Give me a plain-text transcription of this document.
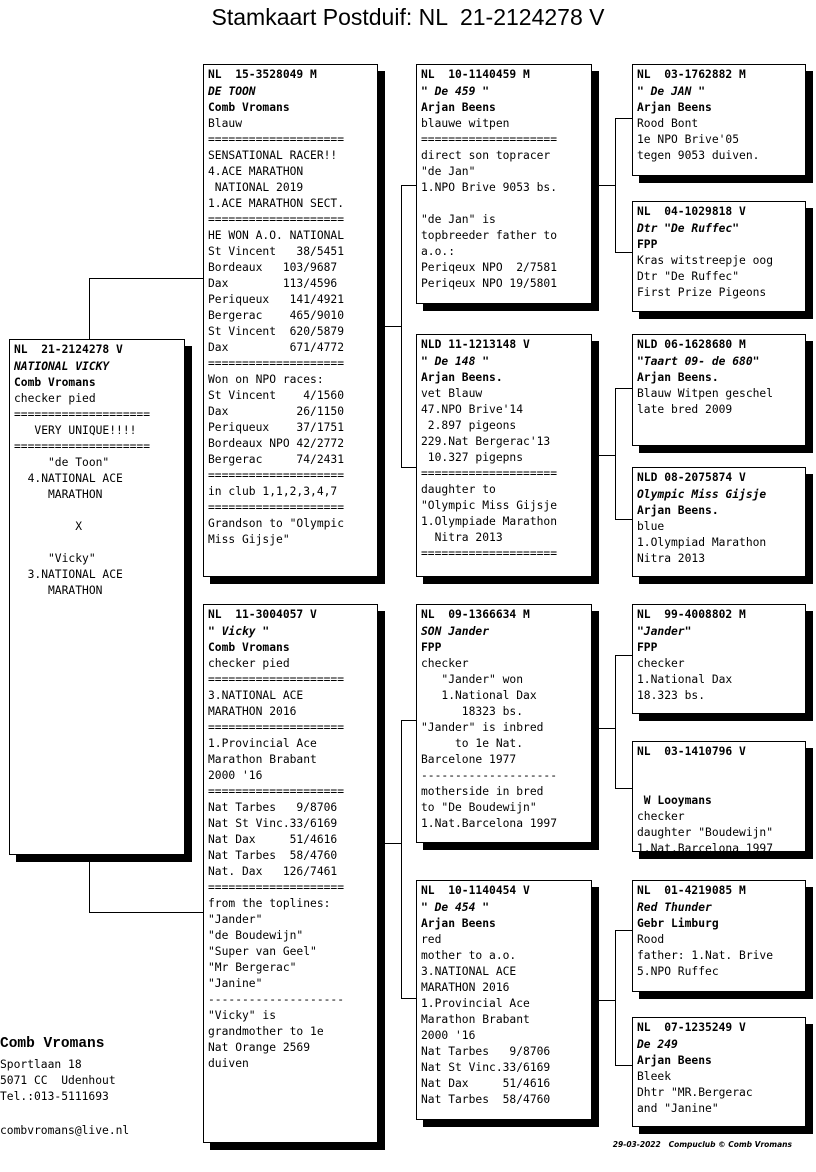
Stamkaart Postduif: NL  21-2124278 V
NL  21-2124278 V
NATIONAL VICKY
Comb Vromans
checker pied
====================
VERY UNIQUE!!!!
====================
"de Toon"
4.NATIONAL ACE
MARATHON
X
"Vicky"
3.NATIONAL ACE
MARATHON
NL  15-3528049 M
DE TOON
Comb Vromans
Blauw
====================
SENSATIONAL RACER!!
4.ACE MARATHON
NATIONAL 2019
1.ACE MARATHON SECT.
====================
HE WON A.O. NATIONAL
St Vincent   38/5451
Bordeaux   103/9687
Dax        113/4596
Periqueux   141/4921
Bergerac    465/9010
St Vincent  620/5879
Dax         671/4772
====================
Won on NPO races:
St Vincent    4/1560
Dax          26/1150
Periqueux    37/1751
Bordeaux NPO 42/2772
Bergerac     74/2431
====================
in club 1,1,2,3,4,7
====================
Grandson to "Olympic
Miss Gijsje"
NL  11-3004057 V
" Vicky "
Comb Vromans
checker pied
====================
3.NATIONAL ACE
MARATHON 2016
====================
1.Provincial Ace
Marathon Brabant
2000 '16
====================
Nat Tarbes   9/8706
Nat St Vinc.33/6169
Nat Dax     51/4616
Nat Tarbes  58/4760
Nat. Dax   126/7461
====================
from the toplines:
"Jander"
"de Boudewijn"
"Super van Geel"
"Mr Bergerac"
"Janine"
--------------------
"Vicky" is
grandmother to 1e
Nat Orange 2569
duiven
NL  10-1140459 M
" De 459 "
Arjan Beens
blauwe witpen
====================
direct son topracer
"de Jan"
1.NPO Brive 9053 bs.
"de Jan" is
topbreeder father to
a.o.:
Periqeux NPO  2/7581
Periqeux NPO 19/5801
NLD 11-1213148 V
" De 148 "
Arjan Beens.
vet Blauw
47.NPO Brive'14
2.897 pigeons
229.Nat Bergerac'13
10.327 pigepns
====================
daughter to
"Olympic Miss Gijsje
1.Olympiade Marathon
Nitra 2013
====================
NL  09-1366634 M
SON Jander
FPP
checker
"Jander" won
1.National Dax
18323 bs.
"Jander" is inbred
to 1e Nat.
Barcelone 1977
--------------------
motherside in bred
to "De Boudewijn"
1.Nat.Barcelona 1997
NL  10-1140454 V
" De 454 "
Arjan Beens
red
mother to a.o.
3.NATIONAL ACE
MARATHON 2016
1.Provincial Ace
Marathon Brabant
2000 '16
Nat Tarbes   9/8706
Nat St Vinc.33/6169
Nat Dax     51/4616
Nat Tarbes  58/4760
NL  03-1762882 M
" De JAN "
Arjan Beens
Rood Bont
1e NPO Brive'05
tegen 9053 duiven.
NL  04-1029818 V
Dtr "De Ruffec"
FPP
Kras witstreepje oog
Dtr "De Ruffec"
First Prize Pigeons
NLD 06-1628680 M
"Taart 09- de 680"
Arjan Beens.
Blauw Witpen geschel
late bred 2009
NLD 08-2075874 V
Olympic Miss Gijsje
Arjan Beens.
blue
1.Olympiad Marathon
Nitra 2013
NL  99-4008802 M
"Jander"
FPP
checker
1.National Dax
18.323 bs.
NL  03-1410796 V
W Looymans
checker
daughter "Boudewijn"
1.Nat.Barcelona 1997
NL  01-4219085 M
Red Thunder
Gebr Limburg
Rood
father: 1.Nat. Brive
5.NPO Ruffec
NL  07-1235249 V
De 249
Arjan Beens
Bleek
Dhtr "MR.Bergerac
and "Janine"
Comb Vromans
Sportlaan 18
5071 CC  Udenhout
Tel.:013-5111693
combvromans@live.nl
29-03-2022   Compuclub © Comb Vromans
